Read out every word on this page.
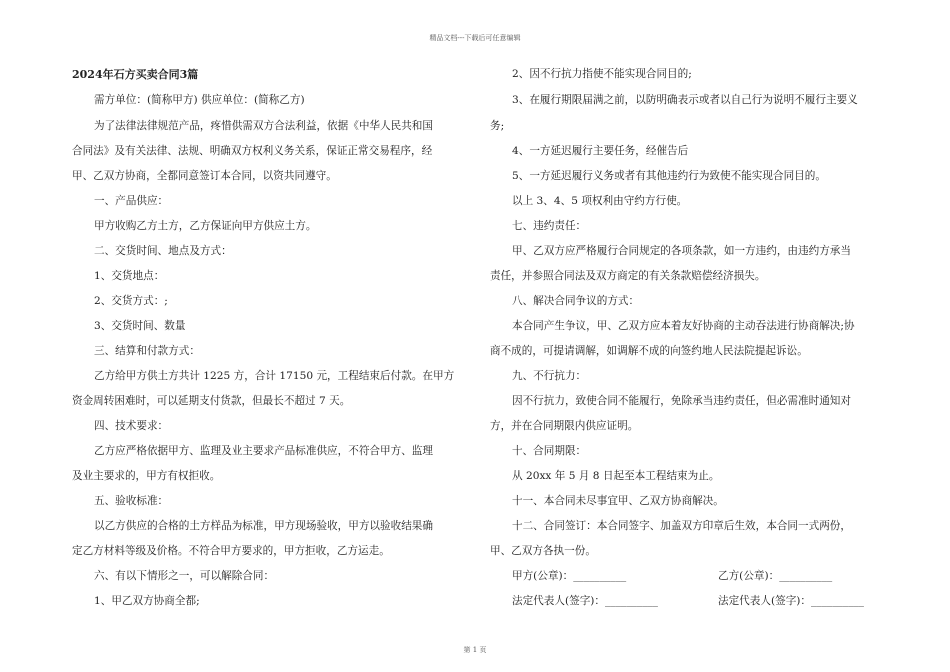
精品文档---下载后可任意编辑
2024年石方买卖合同3篇
需方单位：(简称甲方) 供应单位：(简称乙方)
为了法律法律规范产品，疼惜供需双方合法利益，依据《中华人民共和国
合同法》及有关法律、法规、明确双方权利义务关系，保证正常交易程序，经
甲、乙双方协商，全都同意签订本合同，以资共同遵守。
一、产品供应：
甲方收购乙方土方，乙方保证向甲方供应土方。
二、交货时间、地点及方式：
1、交货地点：
2、交货方式：;
3、交货时间、数量
三、结算和付款方式：
乙方给甲方供土方共计 1225 方，合计 17150 元，工程结束后付款。在甲方
资金周转困难时，可以延期支付货款，但最长不超过 7 天。
四、技术要求：
乙方应严格依据甲方、监理及业主要求产品标准供应，不符合甲方、监理
及业主要求的，甲方有权拒收。
五、验收标准：
以乙方供应的合格的土方样品为标准，甲方现场验收，甲方以验收结果确
定乙方材料等级及价格。不符合甲方要求的，甲方拒收，乙方运走。
六、有以下情形之一，可以解除合同：
1、甲乙双方协商全都;
2、因不行抗力指使不能实现合同目的;
3、在履行期限届满之前，以防明确表示或者以自己行为说明不履行主要义
务;
4、一方延迟履行主要任务，经催告后
5、一方延迟履行义务或者有其他违约行为致使不能实现合同目的。
以上 3、4、5 项权利由守约方行使。
七、违约责任：
甲、乙双方应严格履行合同规定的各项条款，如一方违约，由违约方承当
责任，并参照合同法及双方商定的有关条款赔偿经济损失。
八、解决合同争议的方式：
本合同产生争议，甲、乙双方应本着友好协商的主动吞法进行协商解决;协
商不成的，可提请调解，如调解不成的向签约地人民法院提起诉讼。
九、不行抗力：
因不行抗力，致使合同不能履行，免除承当违约责任，但必需准时通知对
方，并在合同期限内供应证明。
十、合同期限：
从 20xx 年 5 月 8 日起至本工程结束为止。
十一、本合同未尽事宜甲、乙双方协商解决。
十二、合同签订：本合同签字、加盖双方印章后生效，本合同一式两份，
甲、乙双方各执一份。
甲方(公章)：__________	乙方(公章)：__________
法定代表人(签字)：__________	法定代表人(签字)：__________
第 1 页
